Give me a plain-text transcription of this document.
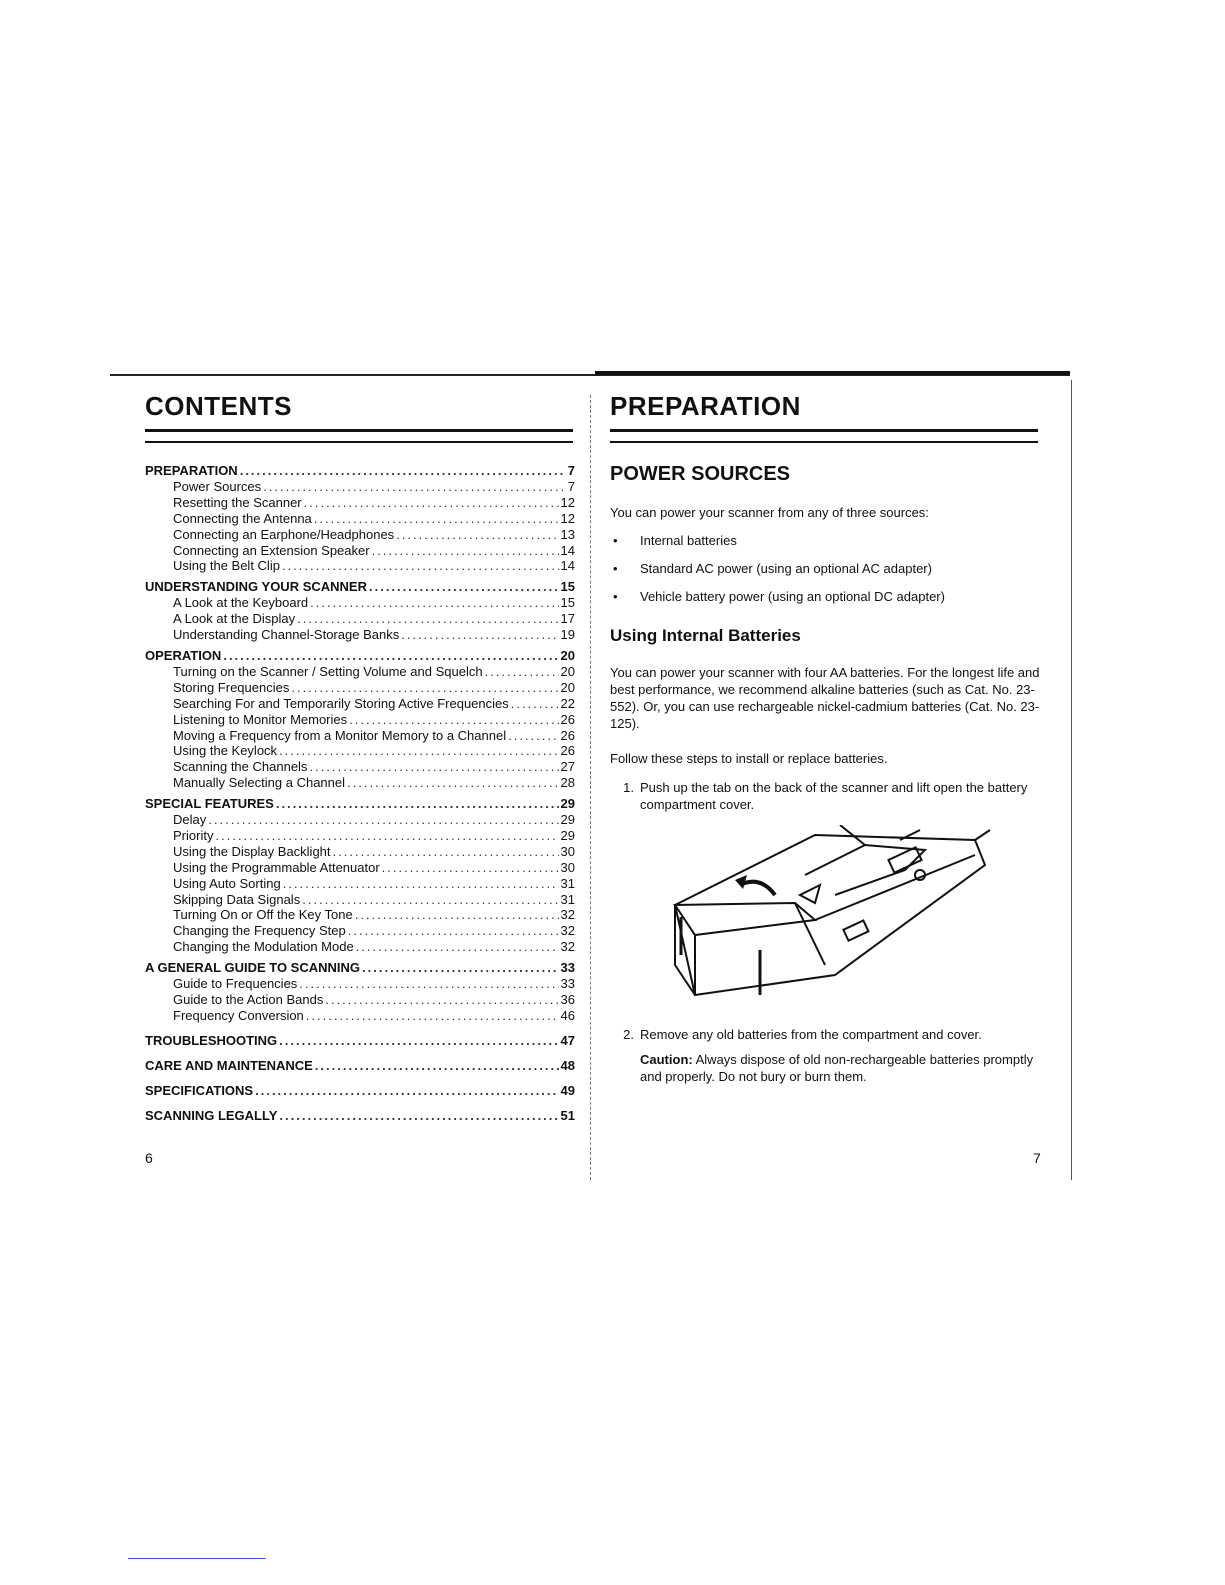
CONTENTS
PREPARATION .....	7
Power Sources .....	7
Resetting the Scanner .....	12
Connecting the Antenna .....	12
Connecting an Earphone/Headphones .....	13
Connecting an Extension Speaker .....	14
Using the Belt Clip .....	14
UNDERSTANDING YOUR SCANNER .....	15
A Look at the Keyboard .....	15
A Look at the Display .....	17
Understanding Channel-Storage Banks .....	19
OPERATION .....	20
Turning on the Scanner / Setting Volume and Squelch .....	20
Storing Frequencies .....	20
Searching For and Temporarily Storing Active Frequencies .....	22
Listening to Monitor Memories .....	26
Moving a Frequency from a Monitor Memory to a Channel .....	26
Using the Keylock .....	26
Scanning the Channels .....	27
Manually Selecting a Channel .....	28
SPECIAL FEATURES .....	29
Delay .....	29
Priority .....	29
Using the Display Backlight .....	30
Using the Programmable Attenuator .....	30
Using Auto Sorting .....	31
Skipping Data Signals .....	31
Turning On or Off the Key Tone .....	32
Changing the Frequency Step .....	32
Changing the Modulation Mode .....	32
A GENERAL GUIDE TO SCANNING .....	33
Guide to Frequencies .....	33
Guide to the Action Bands .....	36
Frequency Conversion .....	46
TROUBLESHOOTING .....	47
CARE AND MAINTENANCE .....	48
SPECIFICATIONS .....	49
SCANNING LEGALLY .....	51
6
PREPARATION
POWER SOURCES

You can power your scanner from any of three sources:

•	Internal batteries
•	Standard AC power (using an optional AC adapter)
•	Vehicle battery power (using an optional DC adapter)
Using Internal Batteries

You can power your scanner with four AA batteries. For the longest life and best performance, we recommend alkaline batteries (such as Cat. No. 23-552). Or, you can use rechargeable nickel-cadmium batteries (Cat. No. 23-125).

Follow these steps to install or replace batteries.

1. Push up the tab on the back of the scanner and lift open the battery compartment cover.
2. Remove any old batteries from the compartment and cover.
Caution: Always dispose of old non-rechargeable batteries promptly and properly. Do not bury or burn them.
7
